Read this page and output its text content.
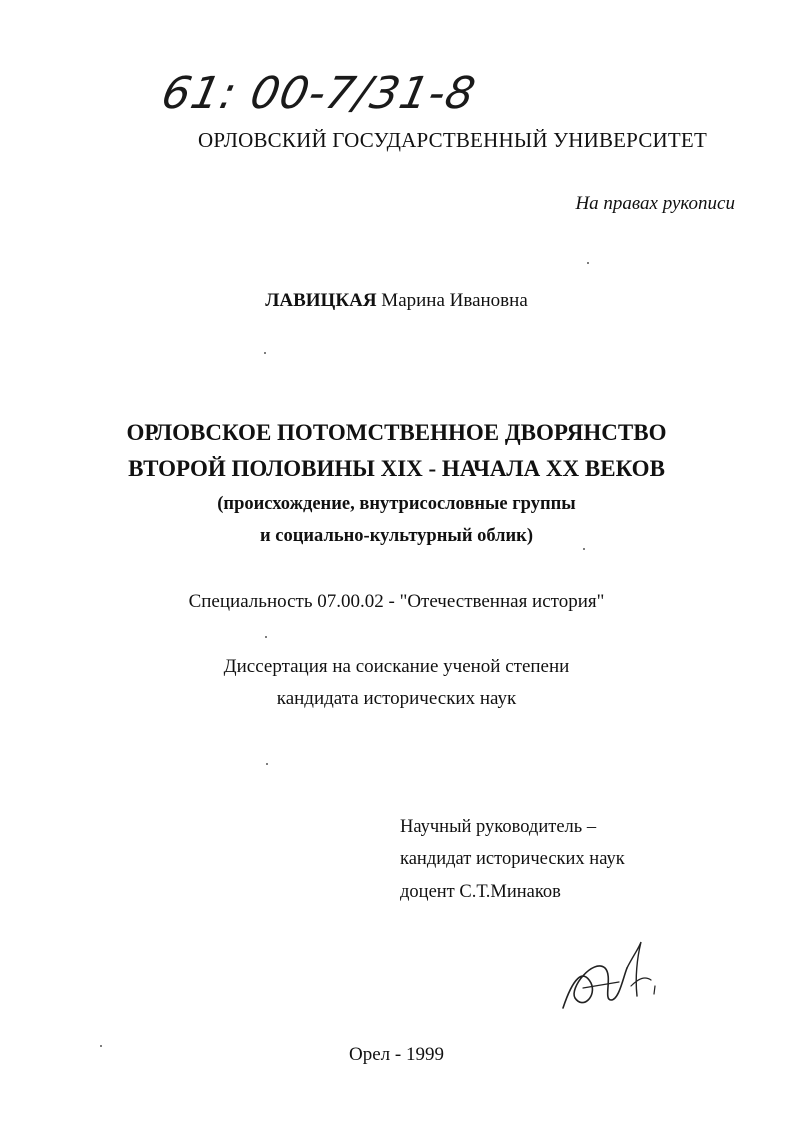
61: 00-7/31-8
ОРЛОВСКИЙ ГОСУДАРСТВЕННЫЙ УНИВЕРСИТЕТ
На правах рукописи
ЛАВИЦКАЯ Марина Ивановна
ОРЛОВСКОЕ ПОТОМСТВЕННОЕ ДВОРЯНСТВО
ВТОРОЙ ПОЛОВИНЫ XIX - НАЧАЛА XX ВЕКОВ
(происхождение, внутрисословные группы
и социально-культурный облик)
Специальность 07.00.02 - "Отечественная история"
Диссертация на соискание ученой степени
кандидата исторических наук
Научный руководитель –
кандидат исторических наук
доцент С.Т.Минаков
Орел - 1999
